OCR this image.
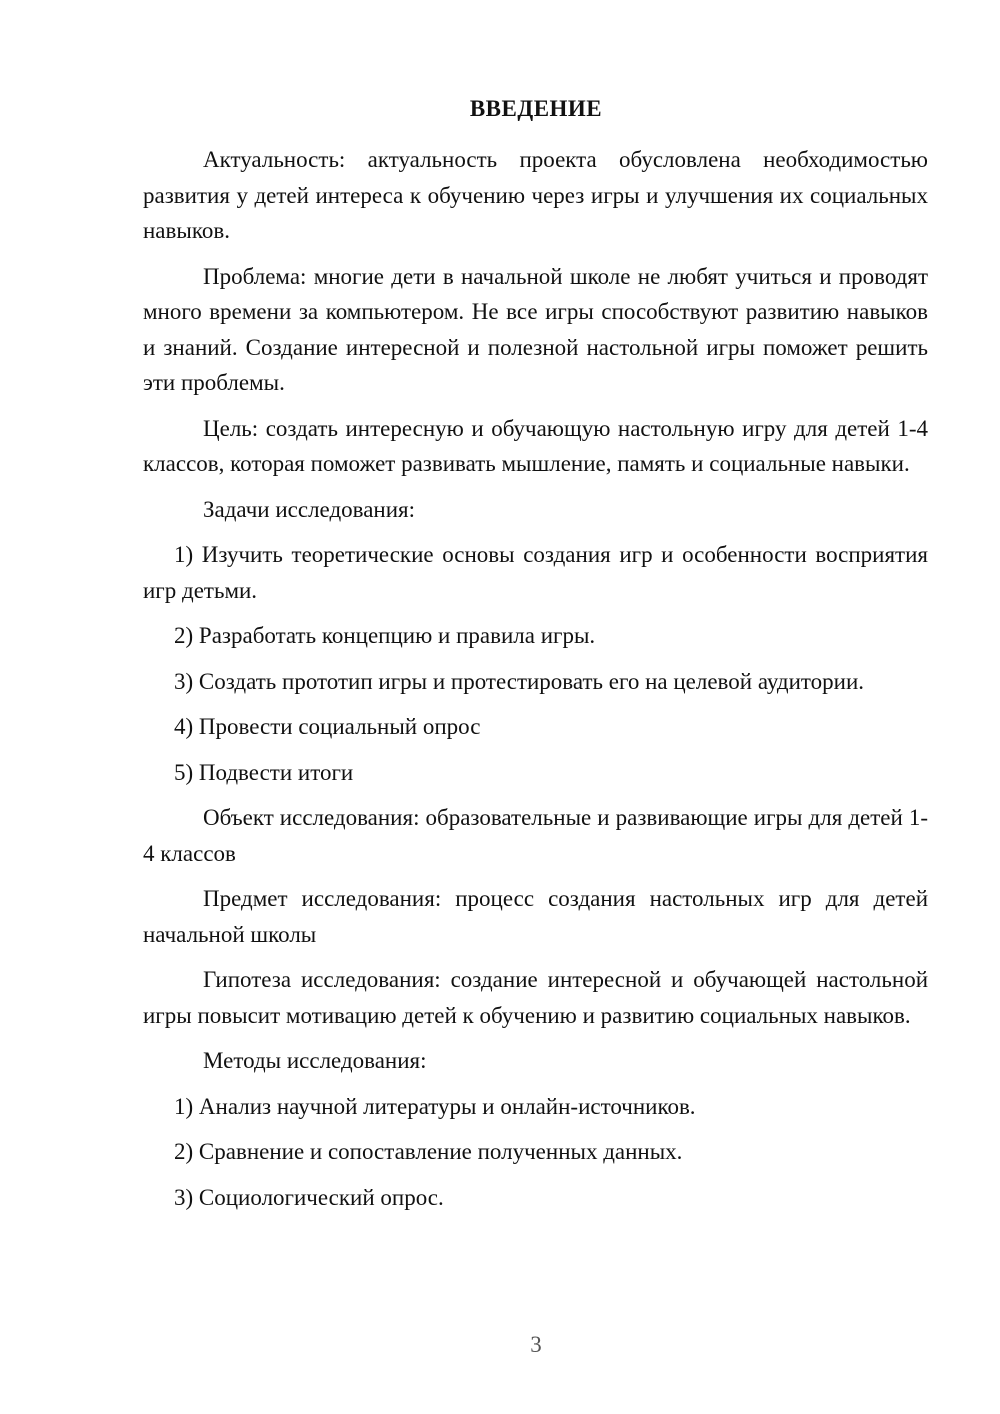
ВВЕДЕНИЕ

Актуальность: актуальность проекта обусловлена необходимостью развития у детей интереса к обучению через игры и улучшения их социальных навыков.

Проблема: многие дети в начальной школе не любят учиться и проводят много времени за компьютером. Не все игры способствуют развитию навыков и знаний. Создание интересной и полезной настольной игры поможет решить эти проблемы.

Цель: создать интересную и обучающую настольную игру для детей 1-4 классов, которая поможет развивать мышление, память и социальные навыки.

Задачи исследования:

1) Изучить теоретические основы создания игр и особенности восприятия игр детьми.

2) Разработать концепцию и правила игры.

3) Создать прототип игры и протестировать его на целевой аудитории.

4) Провести социальный опрос

5) Подвести итоги

Объект исследования: образовательные и развивающие игры для детей 1-4 классов

Предмет исследования: процесс создания настольных игр для детей начальной школы

Гипотеза исследования: создание интересной и обучающей настольной игры повысит мотивацию детей к обучению и развитию социальных навыков.

Методы исследования:

1) Анализ научной литературы и онлайн-источников.

2) Сравнение и сопоставление полученных данных.

3) Социологический опрос.

3
